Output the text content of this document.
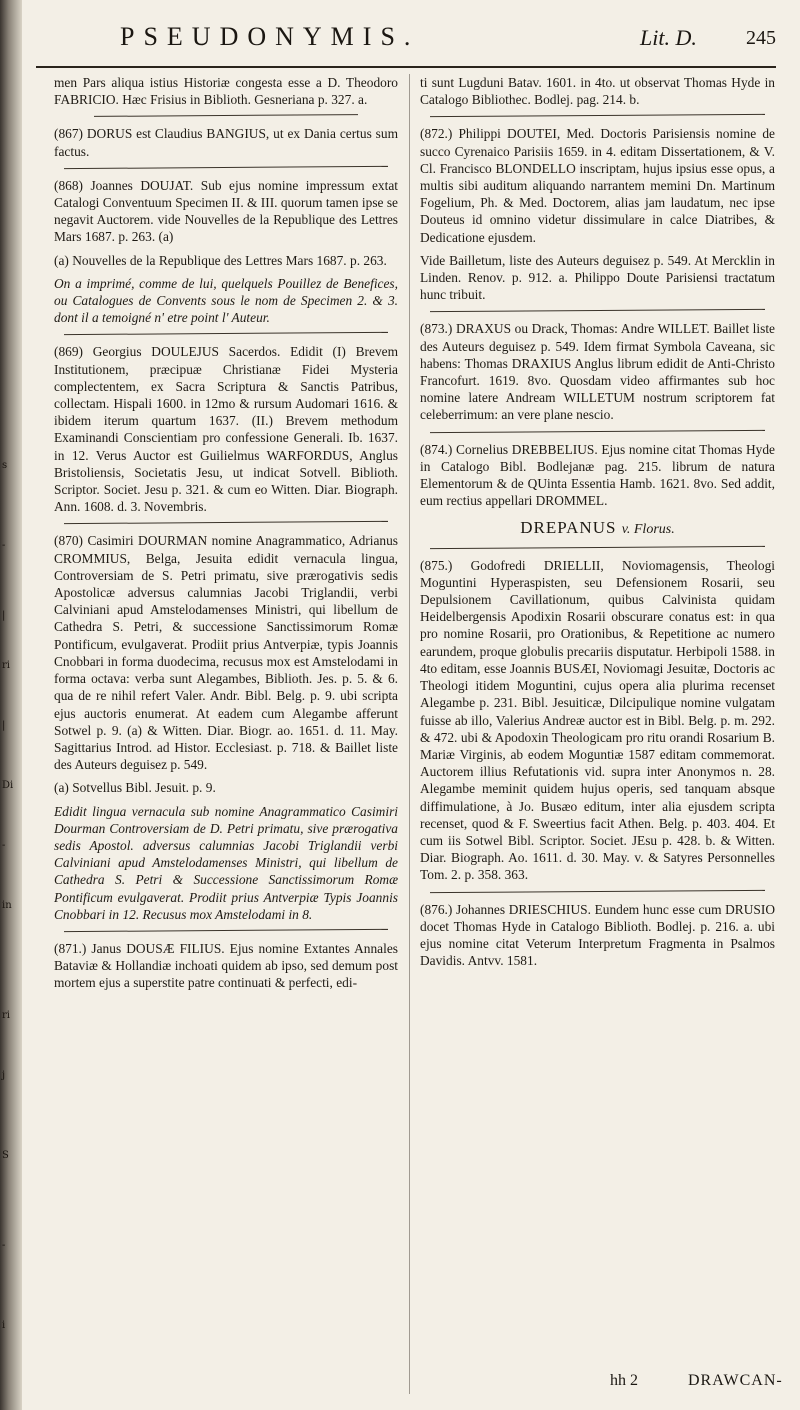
s
-
|
ri
|
Di
-
in
ri
j
S
-
i
PSEUDONYMIS.	Lit. D. 245

men Pars aliqua istius Historiæ congesta esse a D. Theodoro FABRICIO. Hæc Frisius in Biblioth. Gesneriana p. 327. a.

(867) DORUS est Claudius BANGIUS, ut ex Dania certus sum factus.

(868) Joannes DOUJAT. Sub ejus nomine impressum extat Catalogi Conventuum Specimen II. & III. quorum tamen ipse se negavit Auctorem. vide Nouvelles de la Republique des Lettres Mars 1687. p. 263. (a)

(a) Nouvelles de la Republique des Lettres Mars 1687. p. 263.

On a imprimé, comme de lui, quelquels Pouillez de Benefices, ou Catalogues de Convents sous le nom de Specimen 2. & 3. dont il a temoigné n' etre point l' Auteur.

(869) Georgius DOULEJUS Sacerdos. Edidit (I) Brevem Institutionem, præcipuæ Christianæ Fidei Mysteria complectentem, ex Sacra Scriptura & Sanctis Patribus, collectam. Hispali 1600. in 12mo & rursum Audomari 1616. & ibidem iterum quartum 1637. (II.) Brevem methodum Examinandi Conscientiam pro confessione Generali. Ib. 1637. in 12. Verus Auctor est Guilielmus WARFORDUS, Anglus Bristoliensis, Societatis Jesu, ut indicat Sotvell. Biblioth. Scriptor. Societ. Jesu p. 321. & cum eo Witten. Diar. Biograph. Ann. 1608. d. 3. Novembris.

(870) Casimiri DOURMAN nomine Anagrammatico, Adrianus CROMMIUS, Belga, Jesuita edidit vernacula lingua, Controversiam de S. Petri primatu, sive prærogativis sedis Apostolicæ adversus calumnias Jacobi Triglandii, verbi Calviniani apud Amstelodamenses Ministri, qui libellum de Cathedra S. Petri, & successione Sanctissimorum Romæ Pontificum, evulgaverat. Prodiit prius Antverpiæ, typis Joannis Cnobbari in forma duodecima, recusus mox est Amstelodami in forma octava: verba sunt Alegambes, Biblioth. Jes. p. 5. & 6. qua de re nihil refert Valer. Andr. Bibl. Belg. p. 9. ubi scripta ejus auctoris enumerat. At eadem cum Alegambe afferunt Sotwel p. 9. (a) & Witten. Diar. Biogr. ao. 1651. d. 11. May. Sagittarius Introd. ad Histor. Ecclesiast. p. 718. & Baillet liste des Auteurs deguisez p. 549.

(a) Sotvellus Bibl. Jesuit. p. 9.

Edidit lingua vernacula sub nomine Anagrammatico Casimiri Dourman Controversiam de D. Petri primatu, sive prærogativa sedis Apostol. adversus calumnias Jacobi Triglandii verbi Calviniani apud Amstelodamenses Ministri, qui libellum de Cathedra S. Petri & Successione Sanctissimorum Romæ Pontificum evulgaverat. Prodiit prius Antverpiæ Typis Joannis Cnobbari in 12. Recusus mox Amstelodami in 8.

(871.) Janus DOUSÆ FILIUS. Ejus nomine Extantes Annales Bataviæ & Hollandiæ inchoati quidem ab ipso, sed demum post mortem ejus a superstite patre continuati & perfecti, edi-

ti sunt Lugduni Batav. 1601. in 4to. ut observat Thomas Hyde in Catalogo Bibliothec. Bodlej. pag. 214. b.

(872.) Philippi DOUTEI, Med. Doctoris Parisiensis nomine de succo Cyrenaico Parisiis 1659. in 4. editam Dissertationem, & V. Cl. Francisco BLONDELLO inscriptam, hujus ipsius esse opus, a multis sibi auditum aliquando narrantem memini Dn. Martinum Fogelium, Ph. & Med. Doctorem, alias jam laudatum, nec ipse Douteus id omnino videtur dissimulare in calce Diatribes, & Dedicatione ejusdem.

Vide Bailletum, liste des Auteurs deguisez p. 549. At Mercklin in Linden. Renov. p. 912. a. Philippo Doute Parisiensi tractatum hunc tribuit.

(873.) DRAXUS ou Drack, Thomas: Andre WILLET. Baillet liste des Auteurs deguisez p. 549. Idem firmat Symbola Caveana, sic habens: Thomas DRAXIUS Anglus librum edidit de Anti-Christo Francofurt. 1619. 8vo. Quosdam video affirmantes sub hoc nomine latere Andream WILLETUM nostrum scriptorem fat celeberrimum: an vere plane nescio.

(874.) Cornelius DREBBELIUS. Ejus nomine citat Thomas Hyde in Catalogo Bibl. Bodlejanæ pag. 215. librum de natura Elementorum & de QUinta Essentia Hamb. 1621. 8vo. Sed addit, eum rectius appellari DROMMEL.

DREPANUS v. Florus.

(875.) Godofredi DRIELLII, Noviomagensis, Theologi Moguntini Hyperaspisten, seu Defensionem Rosarii, seu Depulsionem Cavillationum, quibus Calvinista quidam Heidelbergensis Apodixin Rosarii obscurare conatus est: in qua pro nomine Rosarii, pro Orationibus, & Repetitione ac numero earundem, proque globulis precariis disputatur. Herbipoli 1588. in 4to editam, esse Joannis BUSÆI, Noviomagi Jesuitæ, Doctoris ac Theologi itidem Moguntini, cujus opera alia plurima recenset Alegambe p. 231. Bibl. Jesuiticæ, Dilcipulique nomine vulgatam fuisse ab illo, Valerius Andreæ auctor est in Bibl. Belg. p. m. 292. & 472. ubi & Apodoxin Theologicam pro ritu orandi Rosarium B. Mariæ Virginis, ab eodem Moguntiæ 1587 editam commemorat. Auctorem illius Refutationis vid. supra inter Anonymos n. 28. Alegambe meminit quidem hujus operis, sed tanquam absque diffimulatione, à Jo. Busæo editum, inter alia ejusdem scripta recenset, quod & F. Sweertius facit Athen. Belg. p. 403. 404. Et cum iis Sotwel Bibl. Scriptor. Societ. JEsu p. 428. b. & Witten. Diar. Biograph. Ao. 1611. d. 30. May. v. & Satyres Personnelles Tom. 2. p. 358. 363.

(876.) Johannes DRIESCHIUS. Eundem hunc esse cum DRUSIO docet Thomas Hyde in Catalogo Biblioth. Bodlej. p. 216. a. ubi ejus nomine citat Veterum Interpretum Fragmenta in Psalmos Davidis. Antvv. 1581.

hh 2	DRAWCAN-
